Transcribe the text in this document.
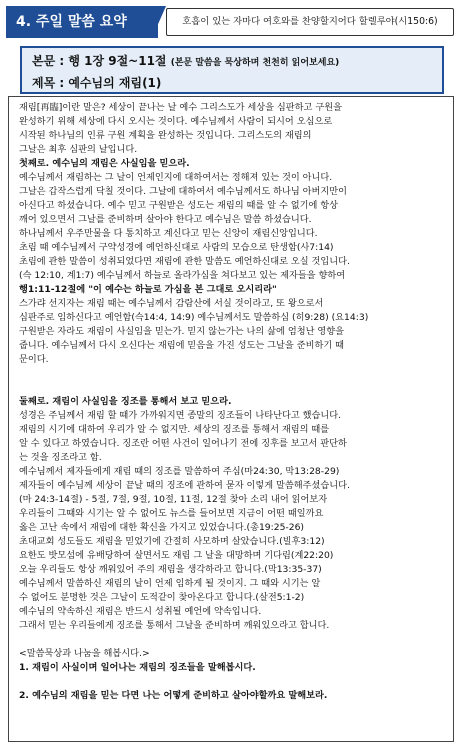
4. 주일 말씀 요약	호흡이 있는 자마다 여호와를 찬양할지어다 할렐루야(시150:6)
본문 : 행 1장 9절~11절 (본문 말씀을 묵상하며 천천히 읽어보세요)
제목 : 예수님의 재림(1)

재림[再臨]이란 말은? 세상이 끝나는 날 예수 그리스도가 세상을 심판하고 구원을

완성하기 위해 세상에 다시 오시는 것이다. 예수님께서 사람이 되시어 오심으로

시작된 하나님의 인류 구원 계획을 완성하는 것입니다. 그리스도의 재림의

그날은 최후 심판의 날입니다.

첫째로. 예수님의 재림은 사실임을 믿으라.

예수님께서 재림하는 그 날이 언제인지에 대하여서는 정해져 있는 것이 아니다.

그날은 갑작스럽게 닥칠 것이다. 그날에 대하여서 예수님께서도 하나님 아버지만이

아신다고 하셨습니다. 예수 믿고 구원받은 성도는 재림의 때를 알 수 없기에 항상

깨어 있으면서 그날를 준비하며 살아야 한다고 예수님은 말씀 하셨습니다.

하나님께서 우주만물을 다 통치하고 계신다고 믿는 신앙이 재림신앙입니다.

초림 때 예수님께서 구약성경에 예언하신대로 사람의 모습으로 탄생함(사7:14)

초림에 관한 말씀이 성취되었다면 재림에 관한 말씀도 예언하신대로 오실 것입니다.

(슥 12:10, 계1:7) 예수님께서 하늘로 올라가심을 쳐다보고 있는 제자들을 향하여

행1:11-12절에 "이 예수는 하늘로 가심을 본 그대로 오시리라"

스가랴 선지자는 재림 때는 예수님께서 감람산에 서실 것이라고, 또 왕으로서

심판주로 임하신다고 예언함(슥14:4, 14:9) 예수님께서도 말씀하심 (히9:28) (요14:3)

구원받은 자라도 재림이 사실임을 믿는가. 믿지 않는가는 나의 삶에 엄청난 영향을

줍니다. 예수님께서 다시 오신다는 재림에 믿음을 가진 성도는 그날을 준비하기 때

문이다.

둘째로. 재림이 사실임을 징조를 통해서 보고 믿으라.

성경은 주님께서 재림 할 때가 가까워지면 종말의 징조들이 나타난다고 했습니다.

재림의 시기에 대하여 우리가 알 수 없지만. 세상의 징조를 통해서 재림의 때를

알 수 있다고 하였습니다. 징조란 어떤 사건이 일어나기 전에 징후를 보고서 판단하

는 것을 징조라고 함.

예수님께서 제자들에게 재림 때의 징조를 말씀하여 주심(마24:30, 막13:28-29)

제자들이 예수님께 세상이 끝날 때의 징조에 관하여 묻자 이렇게 말씀해주셨습니다.

(마 24:3-14절) - 5절, 7절, 9절, 10절, 11절, 12절 찾아 소리 내어 읽어보자

우리들이 그때와 시기는 알 수 없어도 뉴스를 들어보면 지금이 어떤 때일까요

옳은 고난 속에서 재림에 대한 확신을 가지고 있었습니다.(총19:25-26)

초대교회 성도들도 재림을 믿었기에 간절히 사모하며 살았습니다.(빌후3:12)

요한도 밧모섬에 유배당하여 살면서도 재림 그 날을 대망하며 기다림(계22:20)

오늘 우리들도 항상 깨워있어 주의 재림을 생각하라고 합니다.(막13:35-37)

예수님께서 말씀하신 재림의 날이 언제 임하게 될 것이지. 그 때와 시기는 알

수 없어도 분명한 것은 그날이 도적같이 찾아온다고 합니다.(살전5:1-2)

예수님의 약속하신 재림은 반드시 성취될 예언에 약속입니다.

그래서 믿는 우리들에게 징조를 통해서 그날을 준비하며 깨워있으라고 합니다.

<말씀묵상과 나눔을 해봅시다.>

1. 재림이 사실이며 일어나는 재림의 징조들을 말해봅시다.

2. 예수님의 재림을 믿는 다면 나는 어떻게 준비하고 살아야할까요 말해보라.
